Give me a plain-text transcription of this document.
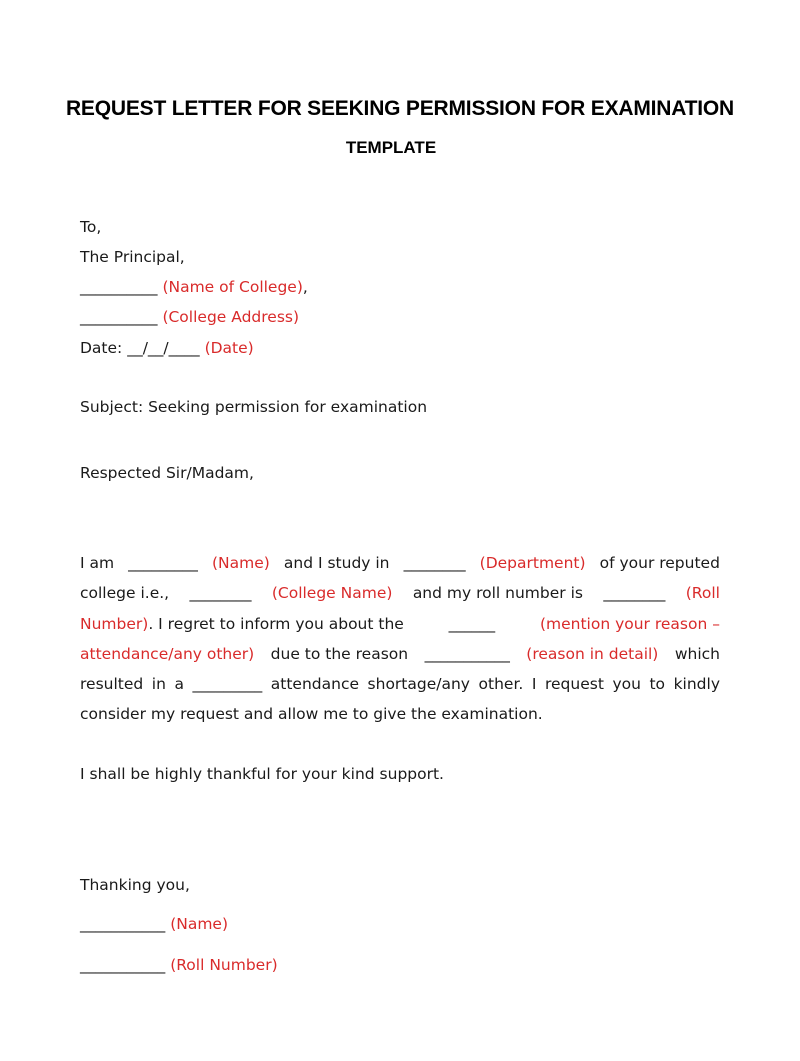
REQUEST LETTER FOR SEEKING PERMISSION FOR EXAMINATION
TEMPLATE
To,
The Principal,
__________ (Name of College),
__________ (College Address)
Date: __/__/____ (Date)
Subject: Seeking permission for examination
Respected Sir/Madam,
I am _________ (Name) and I study in ________ (Department) of your reputed
college i.e., ________ (College Name) and my roll number is ________ (Roll
Number). I regret to inform you about the	______	(mention your reason –
attendance/any other) due to the reason ___________ (reason in detail) which
resulted in a _________ attendance shortage/any other. I request you to kindly
consider my request and allow me to give the examination.
I shall be highly thankful for your kind support.
Thanking you,
___________ (Name)
___________ (Roll Number)
